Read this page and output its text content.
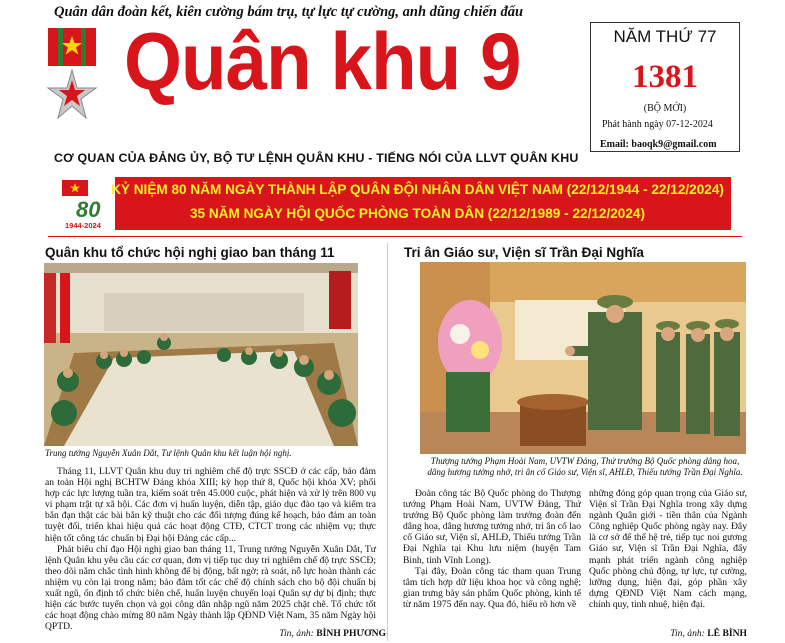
Quân dân đoàn kết, kiên cường bám trụ, tự lực tự cường, anh dũng chiến đấu
Quân khu 9
CƠ QUAN CỦA ĐẢNG ỦY, BỘ TƯ LỆNH QUÂN KHU - TIẾNG NÓI CỦA LLVT QUÂN KHU
NĂM THỨ 77
1381
(BỘ MỚI)
Phát hành ngày 07-12-2024
Email: baoqk9@gmail.com
80
1944-2024
KỶ NIỆM 80 NĂM NGÀY THÀNH LẬP QUÂN ĐỘI NHÂN DÂN VIỆT NAM (22/12/1944 - 22/12/2024)
35 NĂM NGÀY HỘI QUỐC PHÒNG TOÀN DÂN (22/12/1989 - 22/12/2024)
Quân khu tổ chức hội nghị giao ban tháng 11
Trung tướng Nguyễn Xuân Dắt, Tư lệnh Quân khu kết luận hội nghị.

Tháng 11, LLVT Quân khu duy trì nghiêm chế độ trực SSCĐ ở các cấp, bảo đảm an toàn Hội nghị BCHTW Đảng khóa XIII; kỳ họp thứ 8, Quốc hội khóa XV; phối hợp các lực lượng tuần tra, kiểm soát trên 45.000 cuộc, phát hiện và xử lý trên 800 vụ vi phạm trật tự xã hội. Các đơn vị huấn luyện, diễn tập, giáo dục đào tạo và kiểm tra bắn đạn thật các bài bắn kỹ thuật cho các đối tượng đúng kế hoạch, bảo đảm an toàn tuyệt đối, triển khai hiệu quả các hoạt động CTĐ, CTCT trong các nhiệm vụ; thực hiện tốt công tác chuẩn bị Đại hội Đảng các cấp...

Phát biểu chỉ đạo Hội nghị giao ban tháng 11, Trung tướng Nguyễn Xuân Dắt, Tư lệnh Quân khu yêu cầu các cơ quan, đơn vị tiếp tục duy trì nghiêm chế độ trực SSCĐ; theo dõi nắm chắc tình hình không để bị động, bất ngờ; rà soát, nỗ lực hoàn thành các nhiệm vụ còn lại trong năm; bảo đảm tốt các chế độ chính sách cho bộ đội chuẩn bị xuất ngũ, ổn định tổ chức biên chế, huấn luyện chuyển loại Quân sự dự bị định; thực hiện các bước tuyển chọn và gọi công dân nhập ngũ năm 2025 chặt chẽ. Tổ chức tốt các hoạt động chào mừng 80 năm Ngày thành lập QĐND Việt Nam, 35 năm Ngày hội QPTD.

Tin, ảnh: BÌNH PHƯƠNG
Tri ân Giáo sư, Viện sĩ Trần Đại Nghĩa
Thượng tướng Phạm Hoài Nam, UVTW Đảng, Thứ trưởng Bộ Quốc phòng dâng hoa, dâng hương tưởng nhớ, tri ân cố Giáo sư, Viện sĩ, AHLĐ, Thiếu tướng Trần Đại Nghĩa.

Đoàn công tác Bộ Quốc phòng do Thượng tướng Phạm Hoài Nam, UVTW Đảng, Thứ trưởng Bộ Quốc phòng làm trưởng đoàn đến dâng hoa, dâng hương tưởng nhớ, tri ân cố lao cố Giáo sư, Viện sĩ, AHLĐ, Thiếu tướng Trần Đại Nghĩa tại Khu lưu niệm (huyện Tam Bình, tỉnh Vĩnh Long).

Tại đây, Đoàn công tác tham quan Trung tâm tích hợp dữ liệu khoa học và công nghệ; gian trưng bày sản phẩm Quốc phòng, kinh tế từ năm 1975 đến nay. Qua đó, hiểu rõ hơn về

những đóng góp quan trọng của Giáo sư, Viện sĩ Trần Đại Nghĩa trong xây dựng ngành Quân giới - tiền thân của Ngành Công nghiệp Quốc phòng ngày nay. Đây là cơ sở để thế hệ trẻ, tiếp tục noi gương Giáo sư, Viện sĩ Trần Đại Nghĩa, đẩy mạnh phát triển ngành công nghiệp Quốc phòng chủ động, tự lực, tự cường, lưỡng dụng, hiện đại, góp phần xây dựng QĐND Việt Nam cách mạng, chính quy, tinh nhuệ, hiện đại.

Tin, ảnh: LÊ BÌNH
